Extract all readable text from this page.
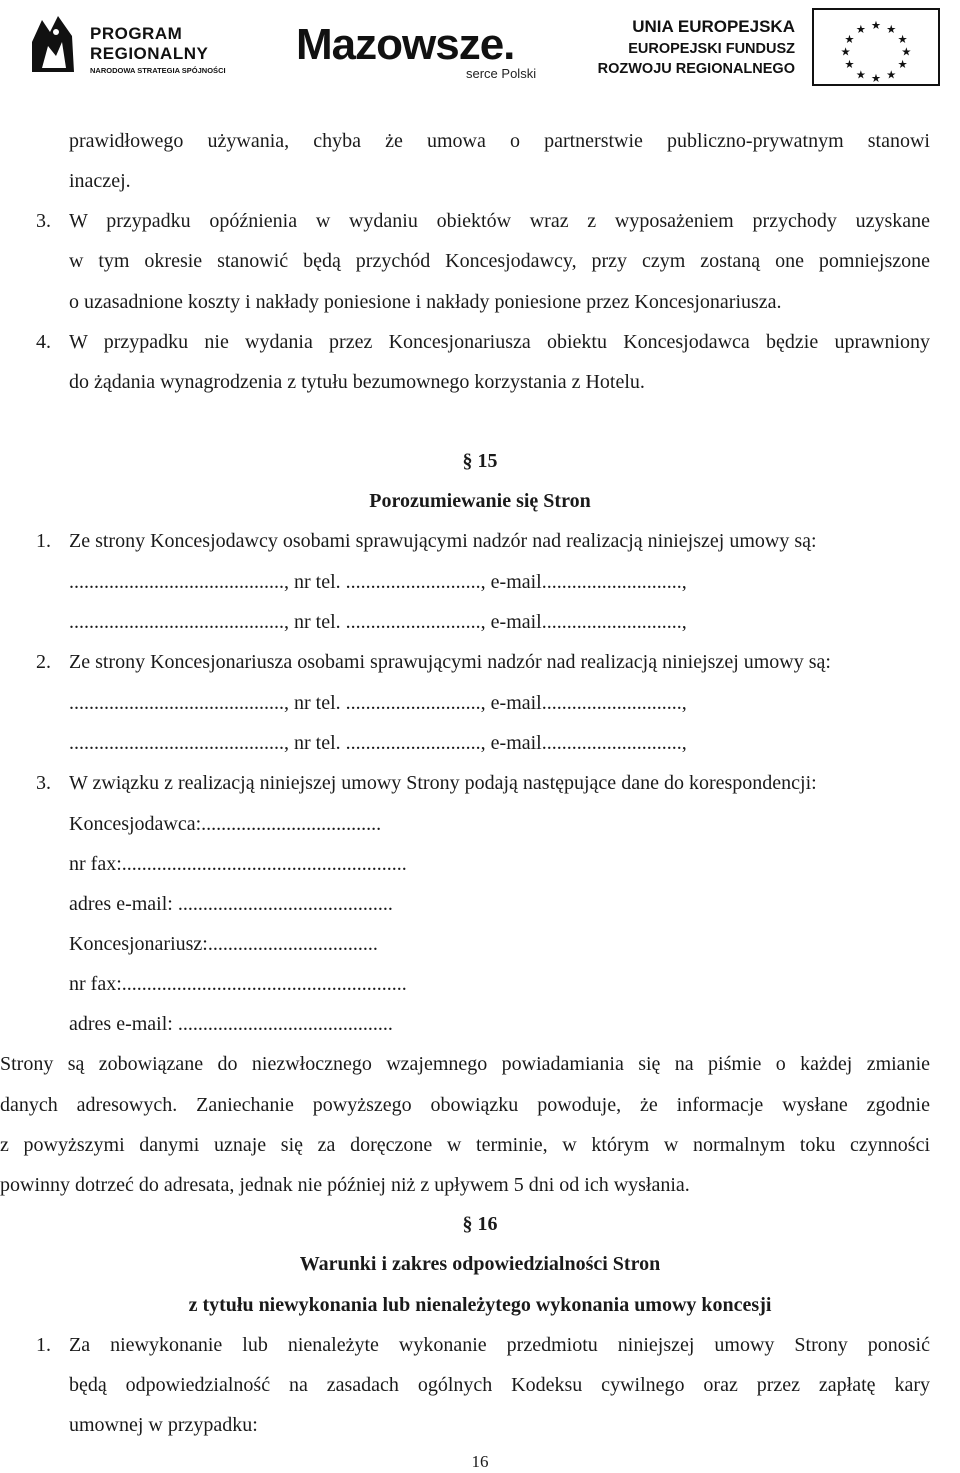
PROGRAM
REGIONALNY
NARODOWA STRATEGIA SPÓJNOŚCI
Mazowsze.
serce Polski
UNIA EUROPEJSKA
EUROPEJSKI FUNDUSZ
ROZWOJU REGIONALNEGO
★ ★
★
★
★
★
★
★
★
★
★
★
prawidłowego używania, chyba że umowa o partnerstwie publiczno-prywatnym stanowi
inaczej.
3. W przypadku opóźnienia w wydaniu obiektów wraz z wyposażeniem przychody uzyskane
w tym okresie stanowić będą przychód Koncesjodawcy, przy czym zostaną one pomniejszone
o uzasadnione koszty i nakłady poniesione i nakłady poniesione przez Koncesjonariusza.
4. W przypadku nie wydania przez Koncesjonariusza obiektu Koncesjodawca będzie uprawniony
do żądania wynagrodzenia z tytułu bezumownego korzystania z Hotelu.
§ 15
Porozumiewanie się Stron
1. Ze strony Koncesjodawcy osobami sprawującymi nadzór nad realizacją niniejszej umowy są:
..........................................., nr tel. ..........................., e-mail............................,
..........................................., nr tel. ..........................., e-mail............................,
2. Ze strony Koncesjonariusza osobami sprawującymi nadzór nad realizacją niniejszej umowy są:
..........................................., nr tel. ..........................., e-mail............................,
..........................................., nr tel. ..........................., e-mail............................,
3. W związku z realizacją niniejszej umowy Strony podają następujące dane do korespondencji:
Koncesjodawca:....................................
nr fax:.........................................................
adres e-mail: ...........................................
Koncesjonariusz:..................................
nr fax:.........................................................
adres e-mail: ...........................................
Strony są zobowiązane do niezwłocznego wzajemnego powiadamiania się na piśmie o każdej zmianie
danych adresowych. Zaniechanie powyższego obowiązku powoduje, że informacje wysłane zgodnie
z powyższymi danymi uznaje się za doręczone w terminie, w którym w normalnym toku czynności
powinny dotrzeć do adresata, jednak nie później niż z upływem 5 dni od ich wysłania.
§ 16
Warunki i zakres odpowiedzialności Stron
z tytułu niewykonania lub nienależytego wykonania umowy koncesji
1. Za niewykonanie lub nienależyte wykonanie przedmiotu niniejszej umowy Strony ponosić
będą odpowiedzialność na zasadach ogólnych Kodeksu cywilnego oraz przez zapłatę kary
umownej w przypadku:
16
